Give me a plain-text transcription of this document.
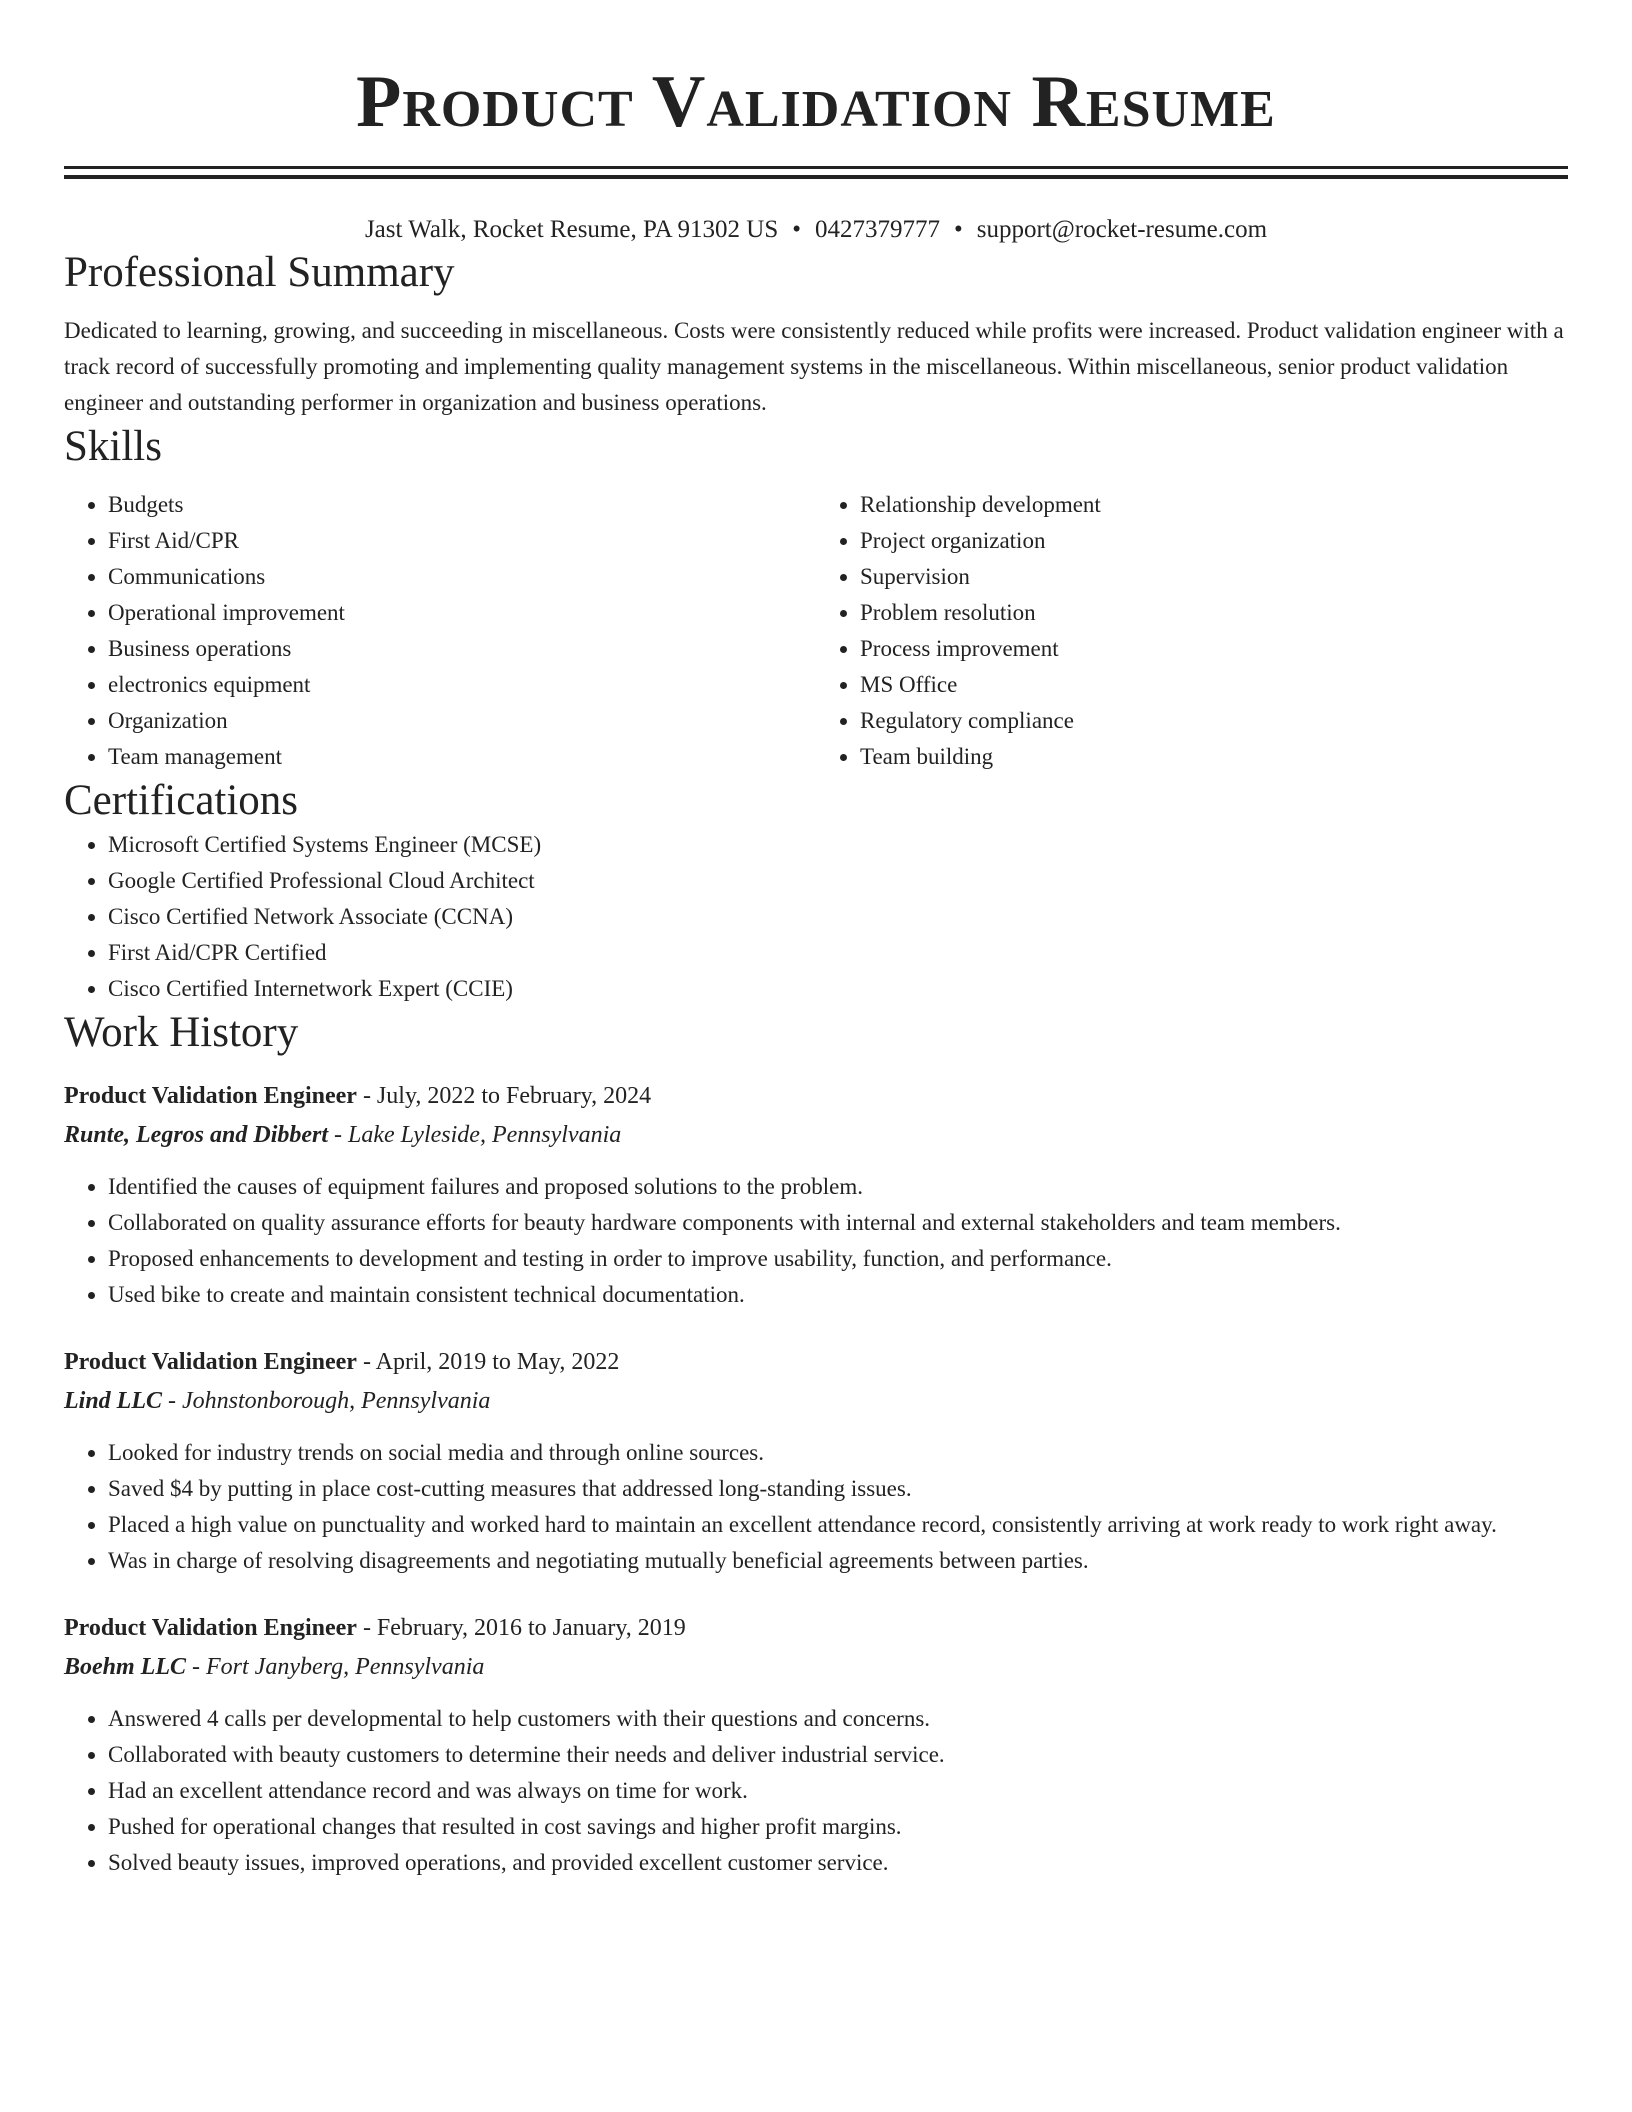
Product Validation Resume
Jast Walk, Rocket Resume, PA 91302 US • 0427379777 • support@rocket-resume.com
Professional Summary

Dedicated to learning, growing, and succeeding in miscellaneous. Costs were consistently reduced while profits were increased. Product validation engineer with a track record of successfully promoting and implementing quality management systems in the miscellaneous. Within miscellaneous, senior product validation engineer and outstanding performer in organization and business operations.

Skills
• Budgets
• First Aid/CPR
• Communications
• Operational improvement
• Business operations
• electronics equipment
• Organization
• Team management
• Relationship development
• Project organization
• Supervision
• Problem resolution
• Process improvement
• MS Office
• Regulatory compliance
• Team building
Certifications
• Microsoft Certified Systems Engineer (MCSE)
• Google Certified Professional Cloud Architect
• Cisco Certified Network Associate (CCNA)
• First Aid/CPR Certified
• Cisco Certified Internetwork Expert (CCIE)
Work History
Product Validation Engineer - July, 2022 to February, 2024
Runte, Legros and Dibbert - Lake Lyleside, Pennsylvania
• Identified the causes of equipment failures and proposed solutions to the problem.
• Collaborated on quality assurance efforts for beauty hardware components with internal and external stakeholders and team members.
• Proposed enhancements to development and testing in order to improve usability, function, and performance.
• Used bike to create and maintain consistent technical documentation.
Product Validation Engineer - April, 2019 to May, 2022
Lind LLC - Johnstonborough, Pennsylvania
• Looked for industry trends on social media and through online sources.
• Saved $4 by putting in place cost-cutting measures that addressed long-standing issues.
• Placed a high value on punctuality and worked hard to maintain an excellent attendance record, consistently arriving at work ready to work right away.
• Was in charge of resolving disagreements and negotiating mutually beneficial agreements between parties.
Product Validation Engineer - February, 2016 to January, 2019
Boehm LLC - Fort Janyberg, Pennsylvania
• Answered 4 calls per developmental to help customers with their questions and concerns.
• Collaborated with beauty customers to determine their needs and deliver industrial service.
• Had an excellent attendance record and was always on time for work.
• Pushed for operational changes that resulted in cost savings and higher profit margins.
• Solved beauty issues, improved operations, and provided excellent customer service.
